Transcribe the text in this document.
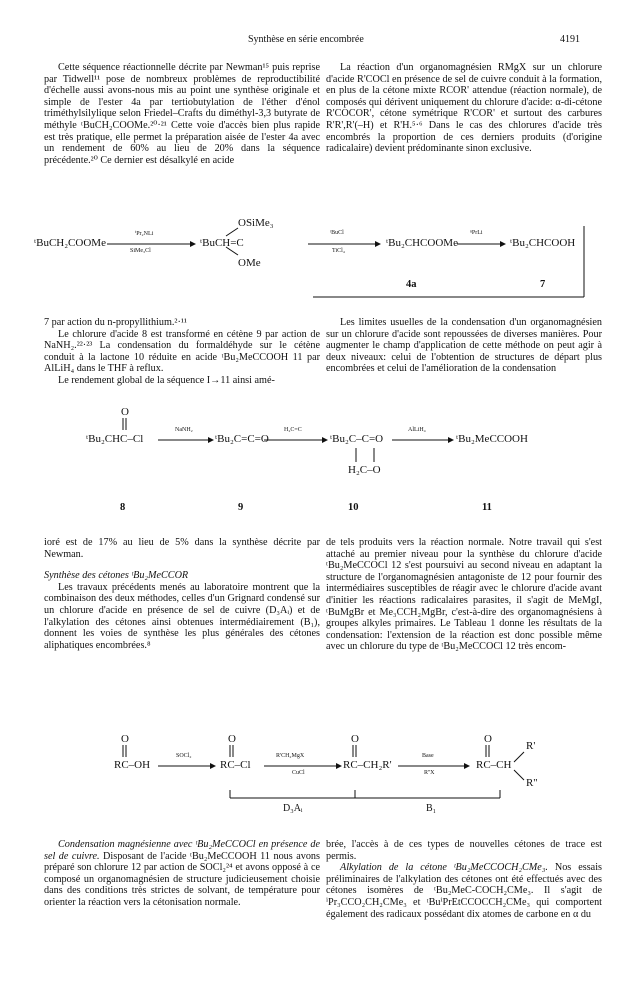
Synthèse en série encombrée	4191

Cette séquence réactionnelle décrite par Newman¹⁵ puis reprise par Tidwell¹¹ pose de nombreux problèmes de reproductibilité d'échelle aussi avons-nous mis au point une synthèse originale et simple de l'ester 4a par tertiobutylation de l'éther d'énol triméthylsilylique selon Friedel–Crafts du diméthyl-3,3 butyrate de méthyle ᵗBuCH₂COOMe.²⁰·²¹ Cette voie d'accès bien plus rapide est très pratique, elle permet la préparation aisée de l'ester 4a avec un rendement de 60% au lieu de 20% dans la séquence précédente.²⁰ Ce dernier est désalkylé en acide

La réaction d'un organomagnésien RMgX sur un chlorure d'acide R'COCl en présence de sel de cuivre conduit à la formation, en plus de la cétone mixte RCOR' attendue (réaction normale), de composés qui dérivent uniquement du chlorure d'acide: α-di-cétone R'COCOR', cétone symétrique R'COR' et surtout des carbures R'R',R'(–H) et R'H.⁵·⁶ Dans le cas des chlorures d'acide très encombrés la proportion de ces derniers produits (d'origine radicalaire) devient prédominante sinon exclusive.

ᵗBuCH₂COOMe
ⁱPr₂NLi
SiMe₃Cl
ᵗBuCH=C
OSiMe₃
OMe
ᵗBuCl
TiCl₄
ᵗBu₂CHCOOMe
ⁿPrLi
ᵗBu₂CHCOOH
4a	7

7 par action du n-propyllithium.²·¹¹

Le chlorure d'acide 8 est transformé en cétène 9 par action de NaNH₂.²²·²³ La condensation du formaldéhyde sur le cétène conduit à la lactone 10 réduite en acide ᵗBu₂MeCCOOH 11 par AlLiH₄ dans le THF à reflux.

Le rendement global de la séquence I→11 ainsi amé-

Les limites usuelles de la condensation d'un organomagnésien sur un chlorure d'acide sont repoussées de diverses manières. Pour augmenter le champ d'application de cette méthode on peut agir à deux niveaux: celui de l'obtention de structures de départ plus encombrées et celui de l'amélioration de la condensation

O
ᵗBu₂CHC–Cl
NaNH₂
ᵗBu₂C=C=O
H₂C=C
ᵗBu₂C–C=O
H₂C–O
AlLiH₄
ᵗBu₂MeCCOOH
8	9	10	11

ioré est de 17% au lieu de 5% dans la synthèse décrite par Newman.

Synthèse des cétones ᵗBu₂MeCCOR

Les travaux précédents menés au laboratoire montrent que la combinaison des deux méthodes, celles d'un Grignard condensé sur un chlorure d'acide en présence de sel de cuivre (D₃Aᵢ) et de l'alkylation des cétones ainsi obtenues intermédiairement (B₁), donnent les voies de synthèse les plus générales des cétones aliphatiques encombrées.⁸

de tels produits vers la réaction normale. Notre travail qui s'est attaché au premier niveau pour la synthèse du chlorure d'acide ᵗBu₂MeCCOCl 12 s'est poursuivi au second niveau en adaptant la structure de l'organomagnésien antagoniste de 12 pour fournir des intermédiaires susceptibles de réagir avec le chlorure d'acide avant d'initier les réactions radicalaires parasites, il s'agit de MeMgI, ᵗBuMgBr et Me₃CCH₂MgBr, c'est-à-dire des organomagnésiens à groupes alkyles primaires. Le Tableau 1 donne les résultats de la condensation: l'extension de la réaction est donc possible même avec un chlorure du type de ᵗBu₂MeCCOCl 12 très encom-

O	O	O	O
RC–OH
SOCl₂
RC–Cl
R'CH₂MgX
CuCl
RC–CH₂R'
Base
R''X
RC–CH
R'
R''
D₃Aᵢ	B₁

Condensation magnésienne avec ᵗBu₂MeCCOCl en présence de sel de cuivre. Disposant de l'acide ᵗBu₂MeCCOOH 11 nous avons préparé son chlorure 12 par action de SOCl₂²⁴ et avons opposé à ce composé un organomagnésien de structure judicieusement choisie dans des conditions très strictes de solvant, de température pour orienter la réaction vers la cétonisation normale.

brée, l'accès à de ces types de nouvelles cétones de trace est permis.

Alkylation de la cétone ᵗBu₂MeCCOCH₂CMe₃. Nos essais préliminaires de l'alkylation des cétones ont été effectués avec des cétones isomères de ᵗBu₂MeC-COCH₂CMe₃. Il s'agit de ⁱPr₃CCO₂CH₂CMe₃ et ᵗBuⁱPrEtCCOCCH₂CMe₃ qui comportent également des radicaux possédant dix atomes de carbone en α du
